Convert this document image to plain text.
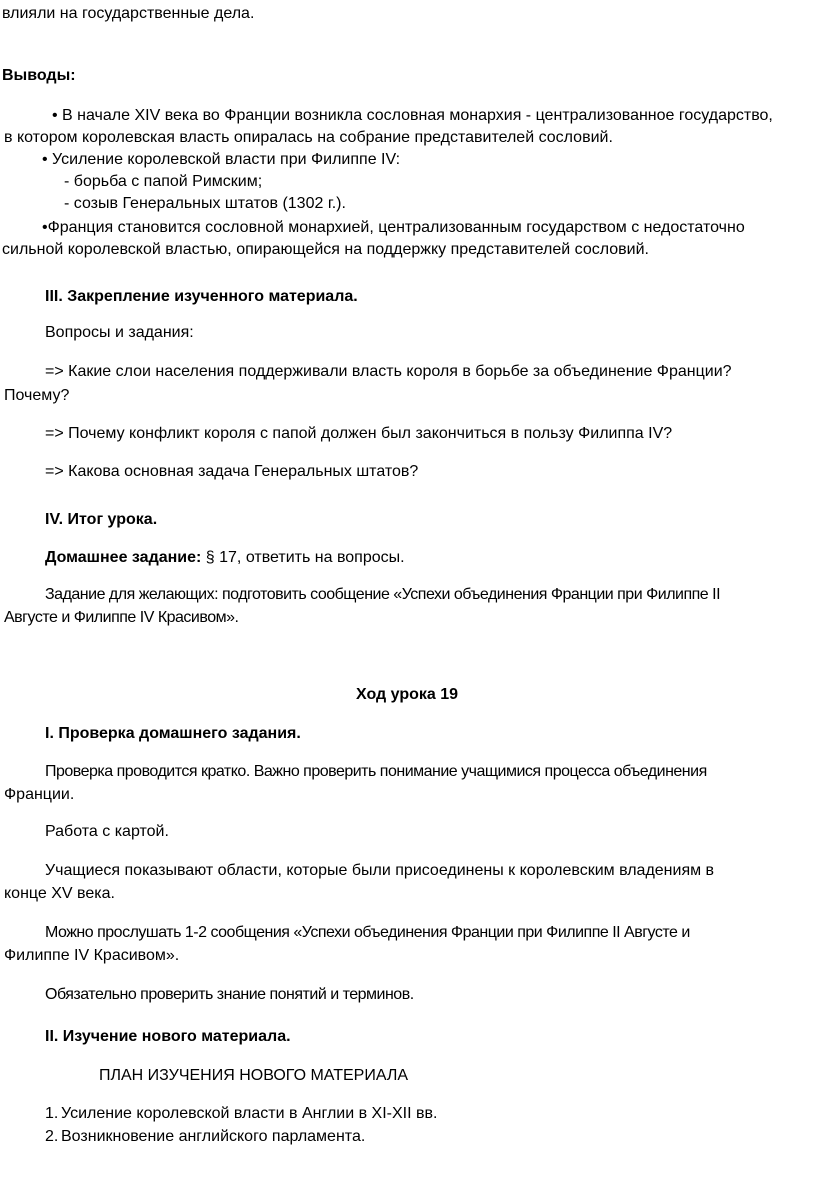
влияли на государственные дела.
Выводы:
• В начале XIV века во Франции возникла сословная монархия - централизованное государство,
в котором королевская власть опиралась на собрание представителей сословий.
• Усиление королевской власти при Филиппе IV:
- борьба с папой Римским;
- созыв Генеральных штатов (1302 г.).
•Франция становится сословной монархией, централизованным государством с недостаточно
сильной королевской властью, опирающейся на поддержку представителей сословий.
III. Закрепление изученного материала.
Вопросы и задания:
=> Какие слои населения поддерживали власть короля в борьбе за объединение Франции?
Почему?
=> Почему конфликт короля с папой должен был закончиться в пользу Филиппа IV?
=> Какова основная задача Генеральных штатов?
IV. Итог урока.
Домашнее задание: § 17, ответить на вопросы.
Задание для желающих: подготовить сообщение «Успехи объединения Франции при Филиппе II
Августе и Филиппе IV Красивом».
Ход урока 19
I. Проверка домашнего задания.
Проверка проводится кратко. Важно проверить понимание учащимися процесса объединения
Франции.
Работа с картой.
Учащиеся показывают области, которые были присоединены к королевским владениям в
конце XV века.
Можно прослушать 1-2 сообщения «Успехи объединения Франции при Филиппе II Августе и
Филиппе IV Красивом».
Обязательно проверить знание понятий и терминов.
II. Изучение нового материала.
ПЛАН ИЗУЧЕНИЯ НОВОГО МАТЕРИАЛА
1. Усиление королевской власти в Англии в XI-XII вв.
2. Возникновение английского парламента.
